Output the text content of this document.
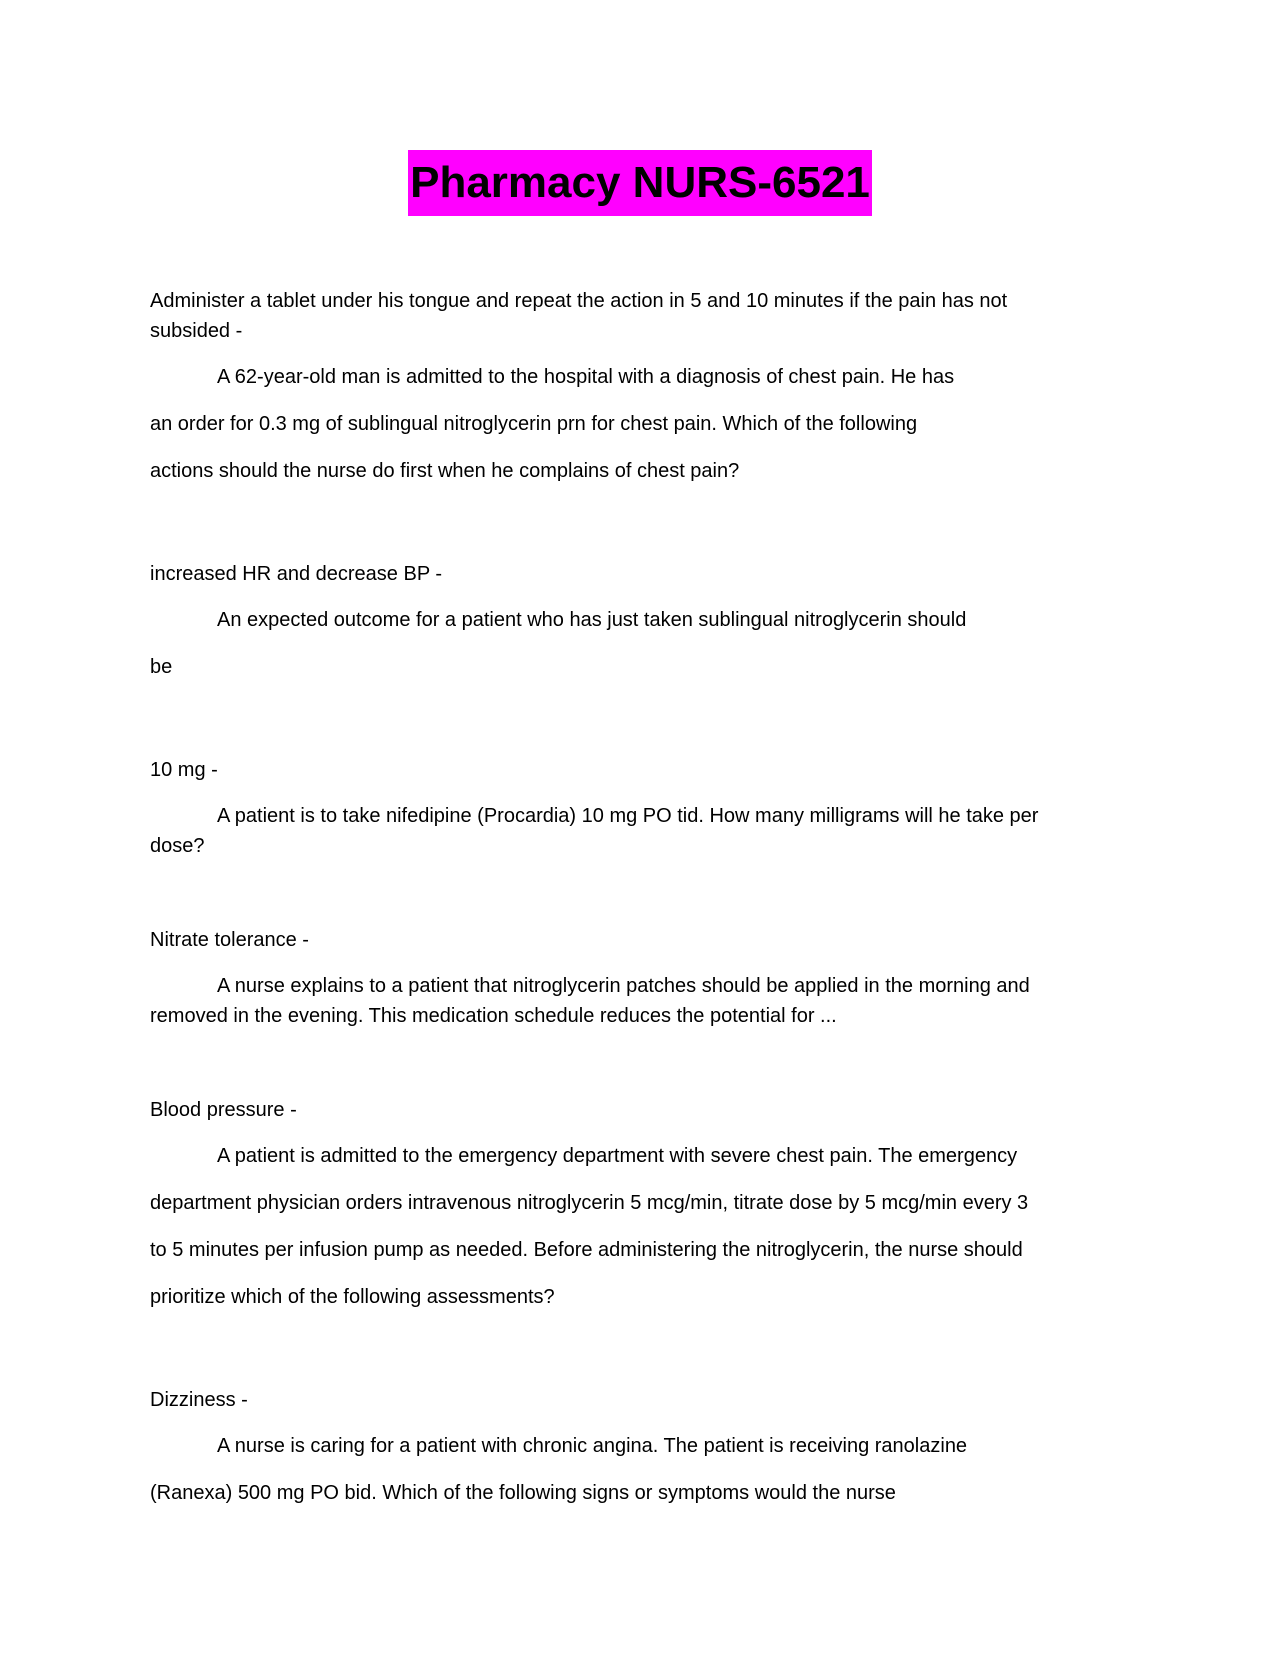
Pharmacy NURS-6521
Administer a tablet under his tongue and repeat the action in 5 and 10 minutes if the pain has not subsided -
A 62-year-old man is admitted to the hospital with a diagnosis of chest pain. He has an order for 0.3 mg of sublingual nitroglycerin prn for chest pain. Which of the following actions should the nurse do first when he complains of chest pain?
increased HR and decrease BP -
An expected outcome for a patient who has just taken sublingual nitroglycerin should be
10 mg -
A patient is to take nifedipine (Procardia) 10 mg PO tid. How many milligrams will he take per dose?
Nitrate tolerance -
A nurse explains to a patient that nitroglycerin patches should be applied in the morning and removed in the evening. This medication schedule reduces the potential for ...
Blood pressure -
A patient is admitted to the emergency department with severe chest pain. The emergency department physician orders intravenous nitroglycerin 5 mcg/min, titrate dose by 5 mcg/min every 3 to 5 minutes per infusion pump as needed. Before administering the nitroglycerin, the nurse should prioritize which of the following assessments?
Dizziness -
A nurse is caring for a patient with chronic angina. The patient is receiving ranolazine (Ranexa) 500 mg PO bid. Which of the following signs or symptoms would the nurse
